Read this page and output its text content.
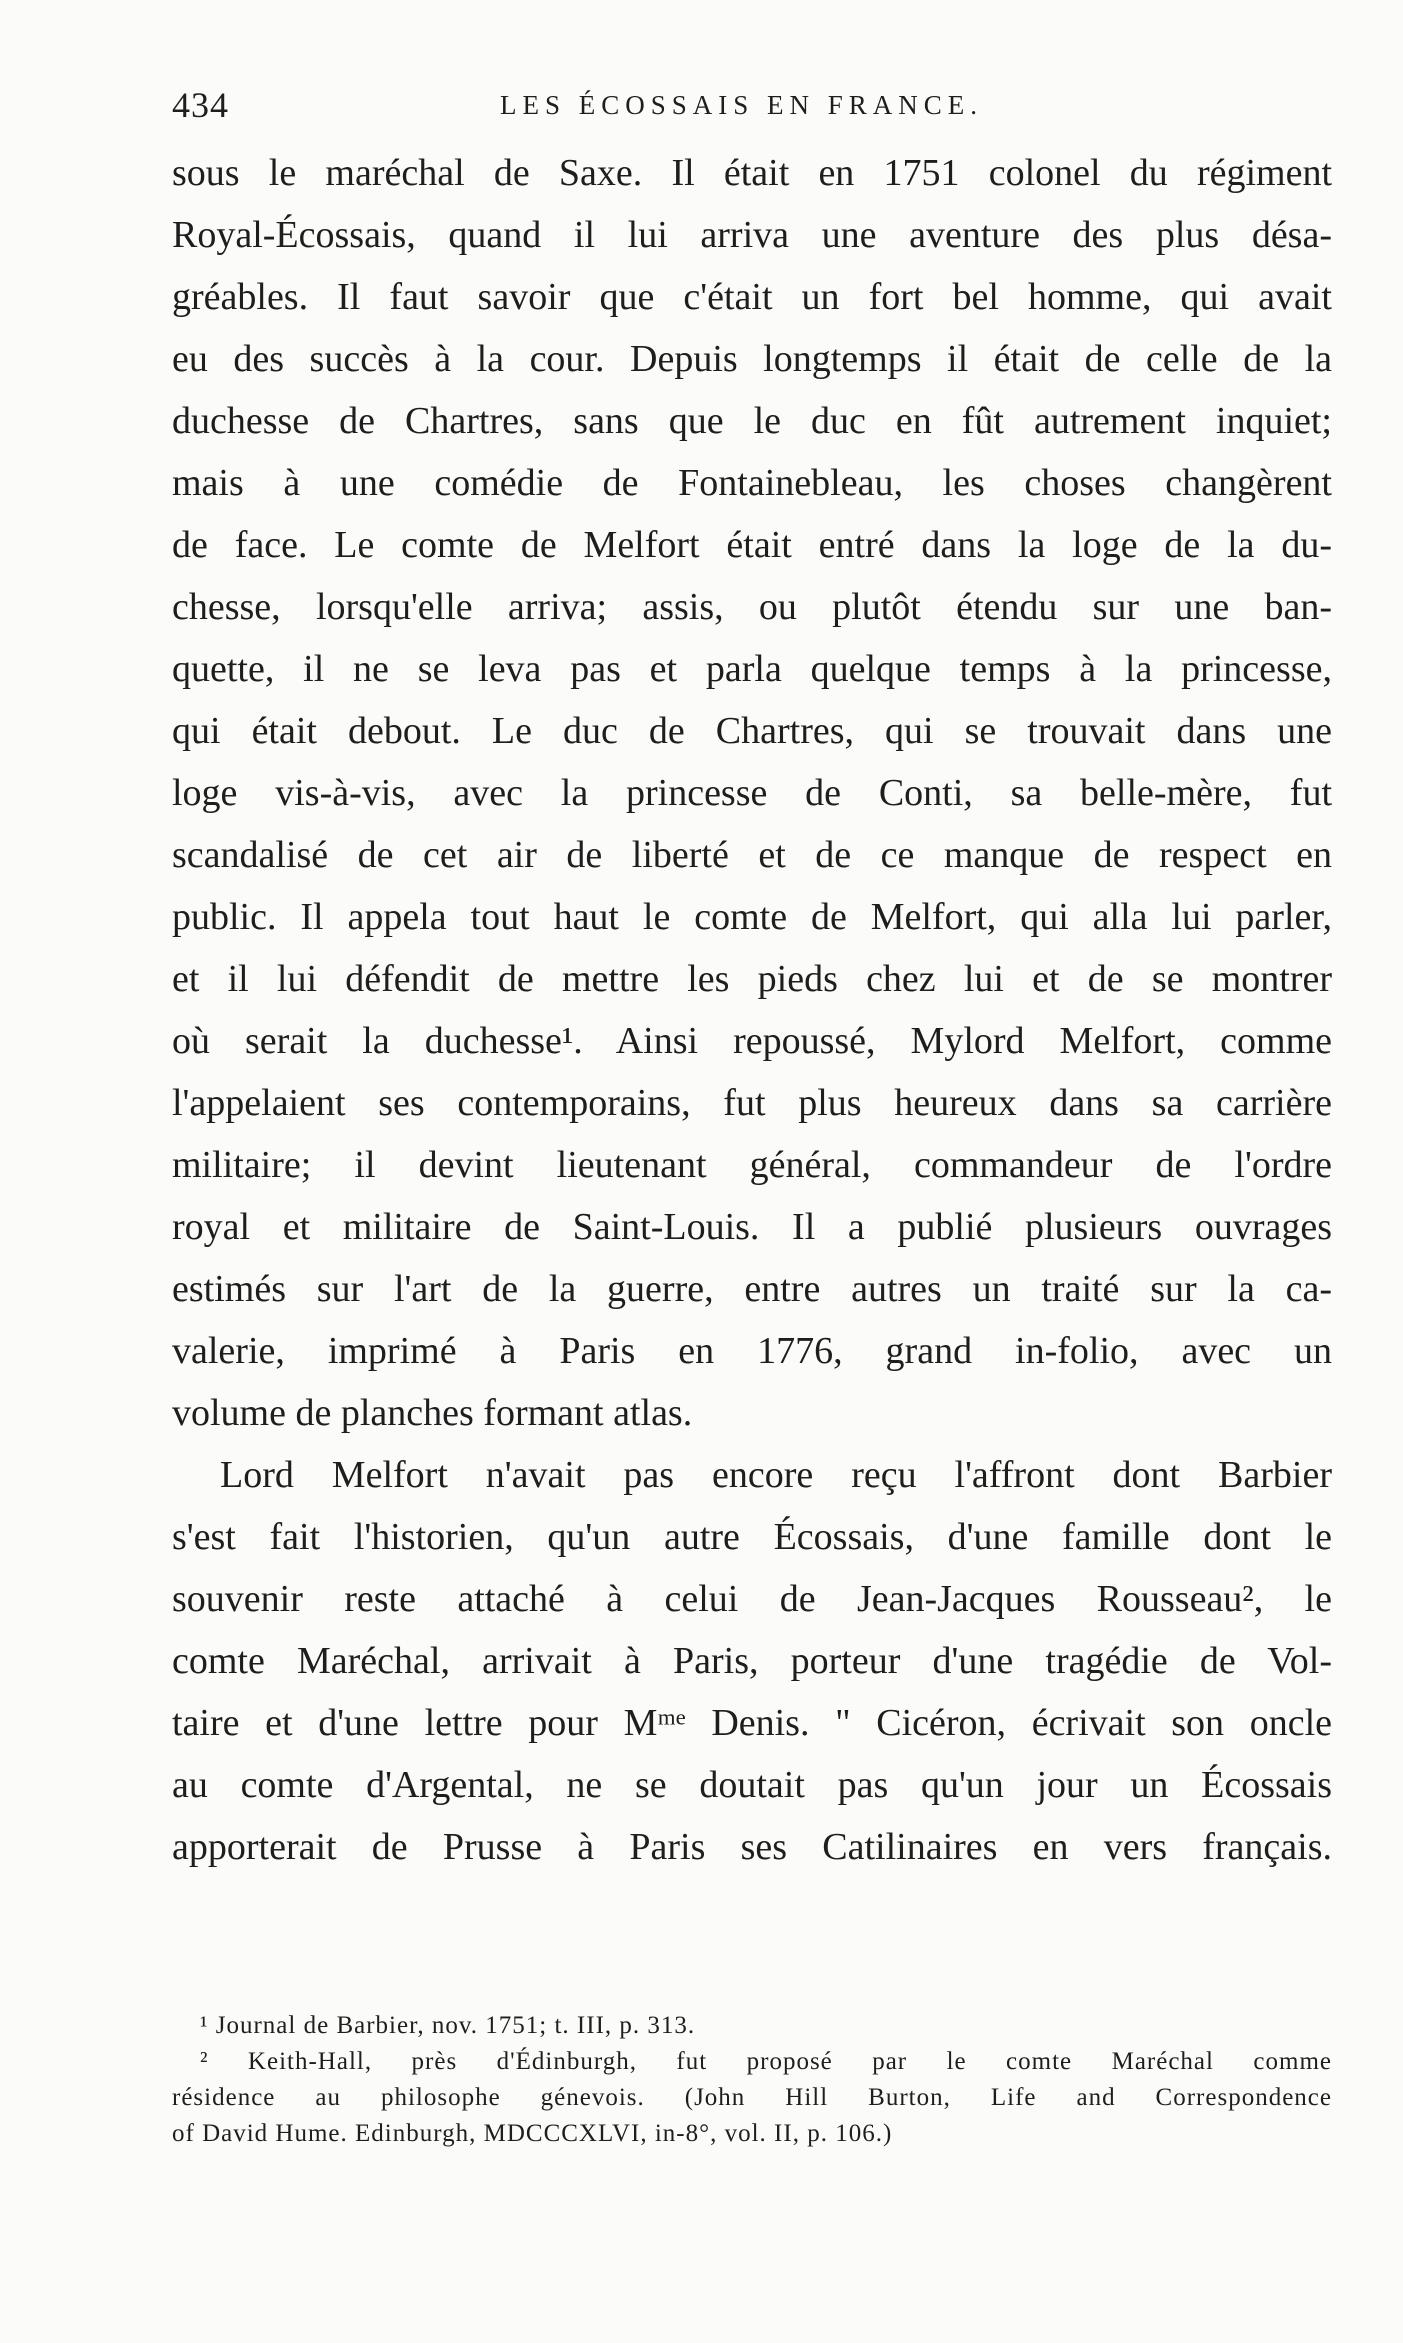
434	LES ÉCOSSAIS EN FRANCE.
sous le maréchal de Saxe. Il était en 1751 colonel du régiment
Royal-Écossais, quand il lui arriva une aventure des plus désa-
gréables. Il faut savoir que c'était un fort bel homme, qui avait
eu des succès à la cour. Depuis longtemps il était de celle de la
duchesse de Chartres, sans que le duc en fût autrement inquiet;
mais à une comédie de Fontainebleau, les choses changèrent
de face. Le comte de Melfort était entré dans la loge de la du-
chesse, lorsqu'elle arriva; assis, ou plutôt étendu sur une ban-
quette, il ne se leva pas et parla quelque temps à la princesse,
qui était debout. Le duc de Chartres, qui se trouvait dans une
loge vis-à-vis, avec la princesse de Conti, sa belle-mère, fut
scandalisé de cet air de liberté et de ce manque de respect en
public. Il appela tout haut le comte de Melfort, qui alla lui parler,
et il lui défendit de mettre les pieds chez lui et de se montrer
où serait la duchesse¹. Ainsi repoussé, Mylord Melfort, comme
l'appelaient ses contemporains, fut plus heureux dans sa carrière
militaire; il devint lieutenant général, commandeur de l'ordre
royal et militaire de Saint-Louis. Il a publié plusieurs ouvrages
estimés sur l'art de la guerre, entre autres un traité sur la ca-
valerie, imprimé à Paris en 1776, grand in-folio, avec un
volume de planches formant atlas.
Lord Melfort n'avait pas encore reçu l'affront dont Barbier
s'est fait l'historien, qu'un autre Écossais, d'une famille dont le
souvenir reste attaché à celui de Jean-Jacques Rousseau², le
comte Maréchal, arrivait à Paris, porteur d'une tragédie de Vol-
taire et d'une lettre pour Mᵐᵉ Denis. " Cicéron, écrivait son oncle
au comte d'Argental, ne se doutait pas qu'un jour un Écossais
apporterait de Prusse à Paris ses Catilinaires en vers français.
¹ Journal de Barbier, nov. 1751; t. III, p. 313.
² Keith-Hall, près d'Édinburgh, fut proposé par le comte Maréchal comme
résidence au philosophe génevois. (John Hill Burton, Life and Correspondence
of David Hume. Edinburgh, MDCCCXLVI, in-8°, vol. II, p. 106.)
